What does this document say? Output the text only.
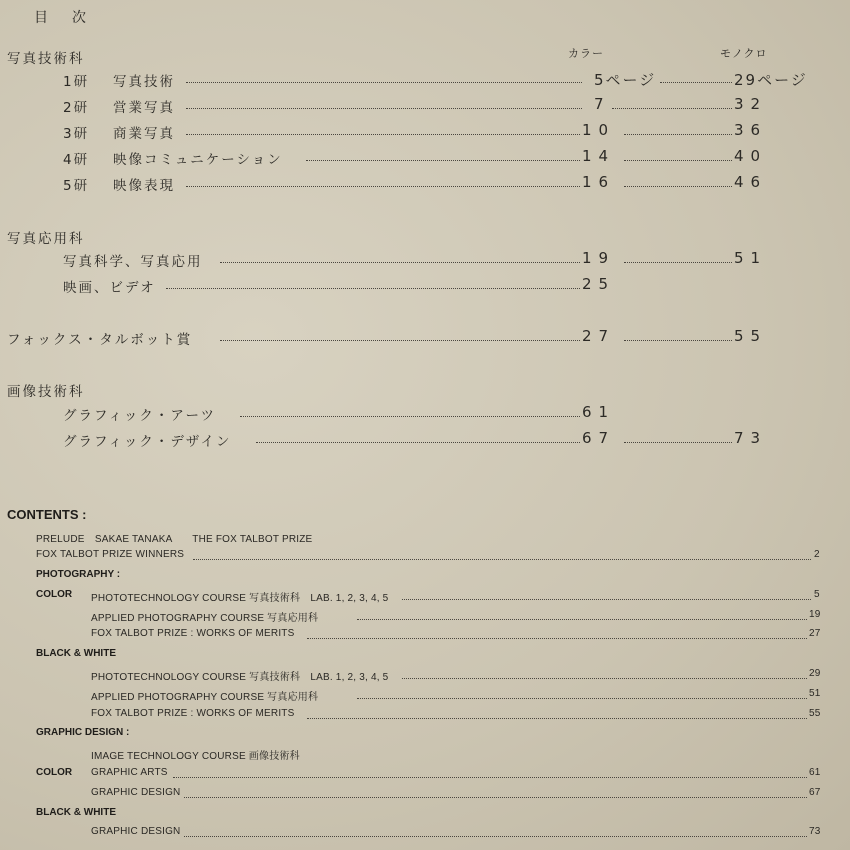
目　次
カラー	モノクロ
写真技術科
1研 写真技術	5ページ	29ページ
2研 営業写真	7	32
3研 商業写真	10	36
4研 映像コミュニケーション	14	40
5研 映像表現	16	46
写真応用科
写真科学、写真応用	19	51
映画、ビデオ	25
フォックス・タルボット賞	27	55
画像技術科
グラフィック・アーツ	61
グラフィック・デザイン	67	73
CONTENTS :
PRELUDE　SAKAE TANAKA　　THE FOX TALBOT PRIZE
FOX TALBOT PRIZE WINNERS	2
PHOTOGRAPHY :
COLOR PHOTOTECHNOLOGY COURSE 写真技術科　LAB. 1, 2, 3, 4, 5	5
APPLIED PHOTOGRAPHY COURSE 写真応用科	19
FOX TALBOT PRIZE : WORKS OF MERITS	27
BLACK & WHITE
PHOTOTECHNOLOGY COURSE 写真技術科　LAB. 1, 2, 3, 4, 5	29
APPLIED PHOTOGRAPHY COURSE 写真応用科	51
FOX TALBOT PRIZE : WORKS OF MERITS	55
GRAPHIC DESIGN :
IMAGE TECHNOLOGY COURSE 画像技術科
COLOR GRAPHIC ARTS	61
GRAPHIC DESIGN	67
BLACK & WHITE
GRAPHIC DESIGN	73
